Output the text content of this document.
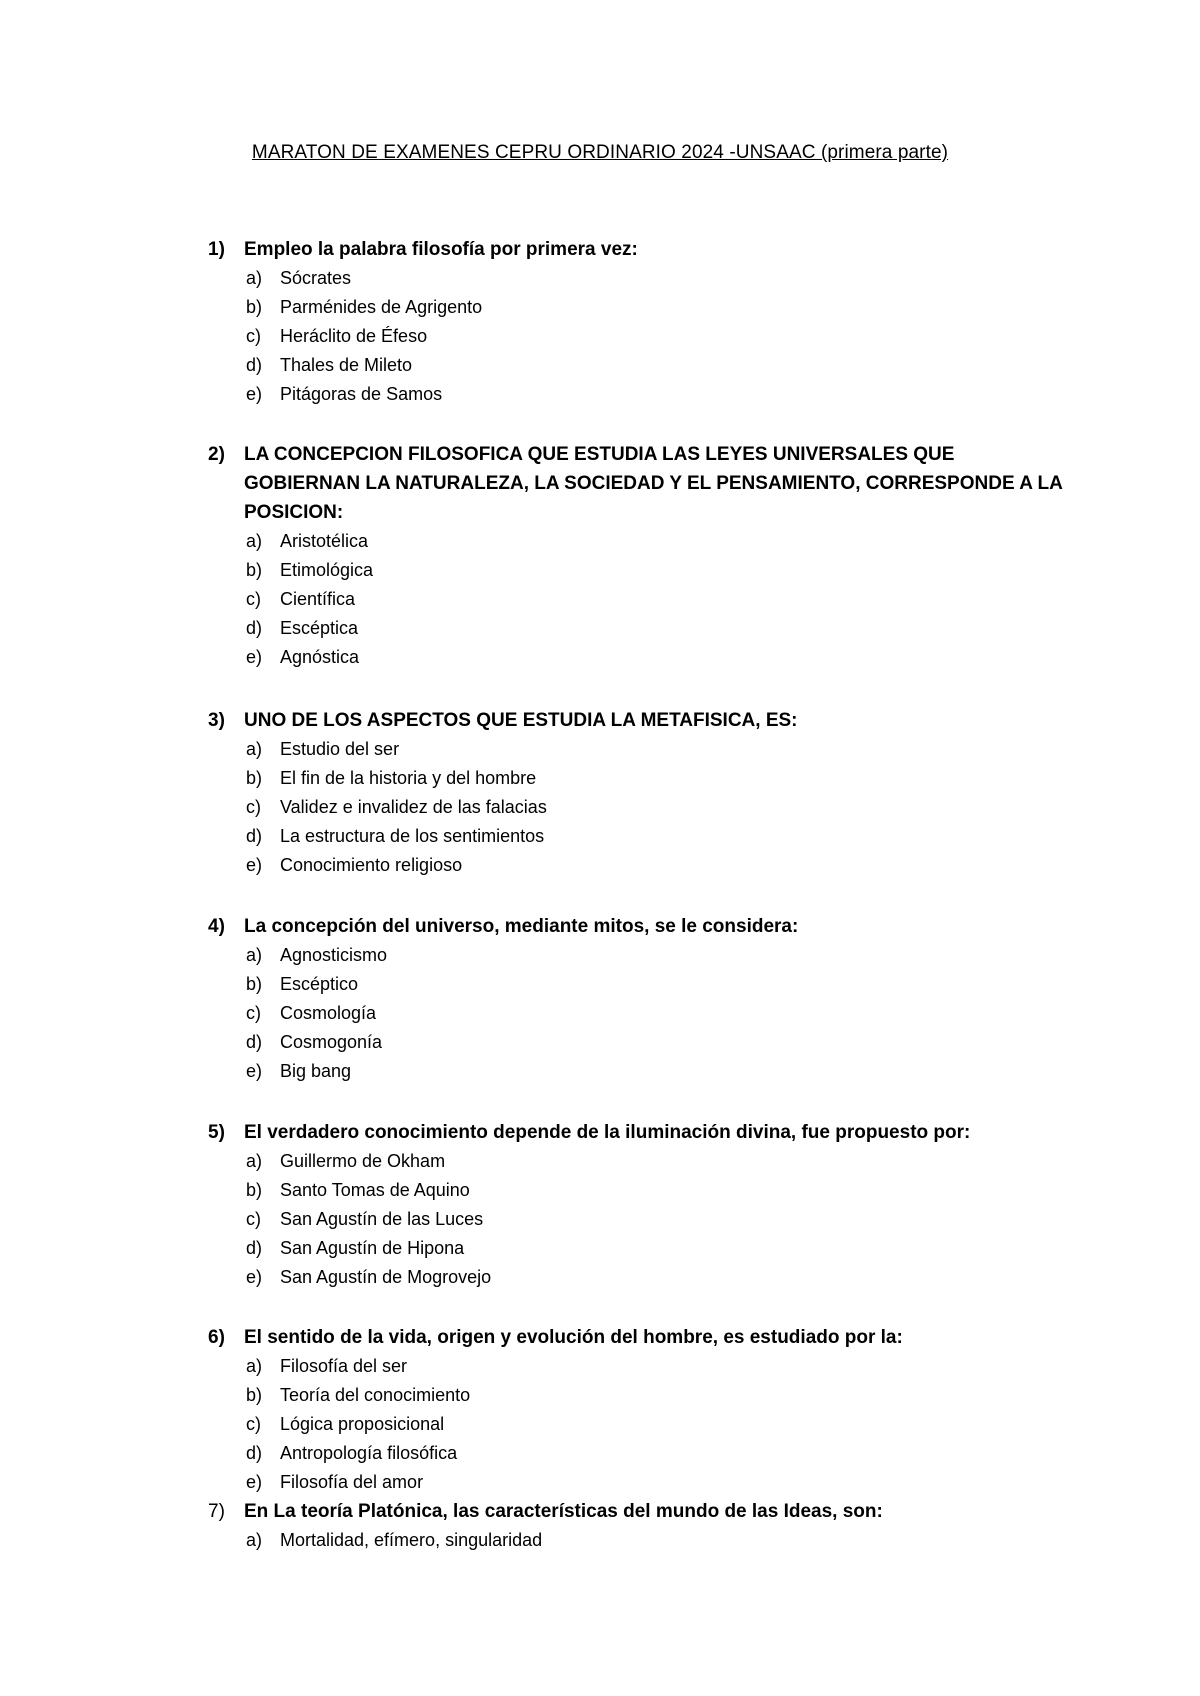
MARATON DE EXAMENES CEPRU ORDINARIO 2024 -UNSAAC (primera parte)
1)	Empleo la palabra filosofía por primera vez:
a) Sócrates
b) Parménides de Agrigento
c) Heráclito de Éfeso
d) Thales de Mileto
e) Pitágoras de Samos
2)	LA CONCEPCION FILOSOFICA QUE ESTUDIA LAS LEYES UNIVERSALES QUE GOBIERNAN LA NATURALEZA, LA SOCIEDAD Y EL PENSAMIENTO, CORRESPONDE A LA POSICION:
a) Aristotélica
b) Etimológica
c) Científica
d) Escéptica
e) Agnóstica
3)	UNO DE LOS ASPECTOS QUE ESTUDIA LA METAFISICA, ES:
a) Estudio del ser
b) El fin de la historia y del hombre
c) Validez e invalidez de las falacias
d) La estructura de los sentimientos
e) Conocimiento religioso
4)	La concepción del universo, mediante mitos, se le considera:
a) Agnosticismo
b) Escéptico
c) Cosmología
d) Cosmogonía
e) Big bang
5)	El verdadero conocimiento depende de la iluminación divina, fue propuesto por:
a) Guillermo de Okham
b) Santo Tomas de Aquino
c) San Agustín de las Luces
d) San Agustín de Hipona
e) San Agustín de Mogrovejo
6)	El sentido de la vida, origen y evolución del hombre, es estudiado por la:
a) Filosofía del ser
b) Teoría del conocimiento
c) Lógica proposicional
d) Antropología filosófica
e) Filosofía del amor
7)	En La teoría Platónica, las características del mundo de las Ideas, son:
a) Mortalidad, efímero, singularidad
